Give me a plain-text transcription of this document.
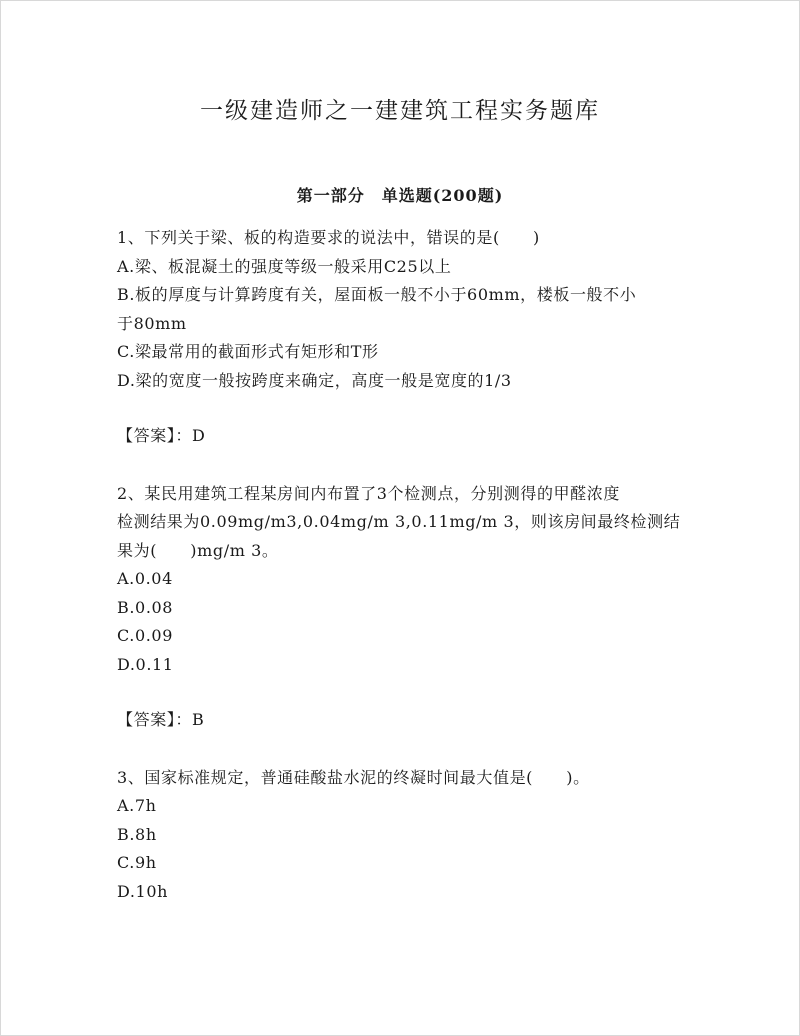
一级建造师之一建建筑工程实务题库
第一部分　单选题(200题)
1、下列关于梁、板的构造要求的说法中，错误的是(　　)
A.梁、板混凝土的强度等级一般采用C25以上
B.板的厚度与计算跨度有关，屋面板一般不小于60mm，楼板一般不小
于80mm
C.梁最常用的截面形式有矩形和T形
D.梁的宽度一般按跨度来确定，高度一般是宽度的1/3
【答案】：D
2、某民用建筑工程某房间内布置了3个检测点，分别测得的甲醛浓度
检测结果为0.09mg/m3,0.04mg/m 3,0.11mg/m 3，则该房间最终检测结
果为(　　)mg/m 3。
A.0.04
B.0.08
C.0.09
D.0.11
【答案】：B
3、国家标准规定，普通硅酸盐水泥的终凝时间最大值是(　　)。
A.7h
B.8h
C.9h
D.10h
